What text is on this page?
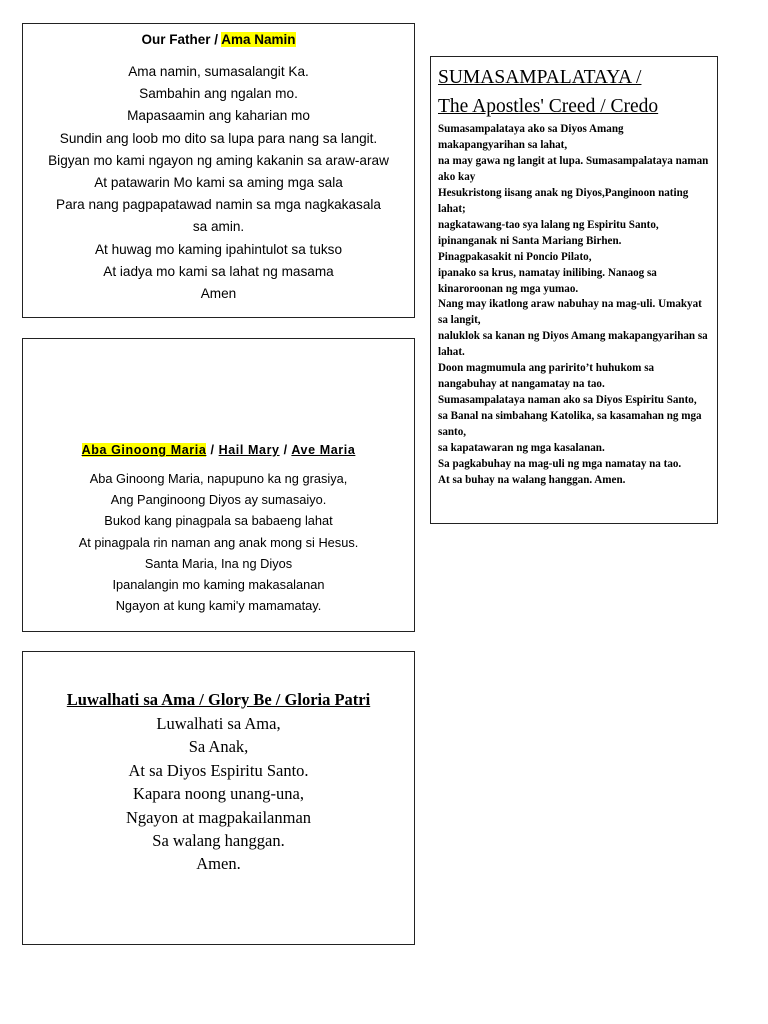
Our Father / Ama Namin
Ama namin, sumasalangit Ka.
Sambahin ang ngalan mo.
Mapasaamin ang kaharian mo
Sundin ang loob mo dito sa lupa para nang sa langit.
Bigyan mo kami ngayon ng aming kakanin sa araw-araw
At patawarin Mo kami sa aming mga sala
Para nang pagpapatawad namin sa mga nagkakasala sa amin.
At huwag mo kaming ipahintulot sa tukso
At iadya mo kami sa lahat ng masama
Amen
Aba Ginoong Maria / Hail Mary / Ave Maria
Aba Ginoong Maria, napupuno ka ng grasiya,
Ang Panginoong Diyos ay sumasaiyo.
Bukod kang pinagpala sa babaeng lahat
At pinagpala rin naman ang anak mong si Hesus.
Santa Maria, Ina ng Diyos
Ipanalangin mo kaming makasalanan
Ngayon at kung kami'y mamamatay.
Luwalhati sa Ama / Glory Be / Gloria Patri
Luwalhati sa Ama,
Sa Anak,
At sa Diyos Espiritu Santo.
Kapara noong unang-una,
Ngayon at magpakailanman
Sa walang hanggan.
Amen.
SUMASAMPALATAYA /
The Apostles' Creed / Credo
Sumasampalataya ako sa Diyos Amang makapangyarihan sa lahat,
na may gawa ng langit at lupa. Sumasampalataya naman ako kay
Hesukristong iisang anak ng Diyos,Panginoon nating lahat;
nagkatawang-tao sya lalang ng Espiritu Santo,
ipinanganak ni Santa Mariang Birhen.
Pinagpakasakit ni Poncio Pilato,
ipanako sa krus, namatay inilibing. Nanaog sa kinaroroonan ng mga yumao.
Nang may ikatlong araw nabuhay na mag-uli. Umakyat sa langit,
naluklok sa kanan ng Diyos Amang makapangyarihan sa lahat.
Doon magmumula ang paririto’t huhukom sa nangabuhay at nangamatay na tao.
Sumasampalataya naman ako sa Diyos Espiritu Santo,
sa Banal na simbahang Katolika, sa kasamahan ng mga santo,
sa kapatawaran ng mga kasalanan.
Sa pagkabuhay na mag-uli ng mga namatay na tao.
At sa buhay na walang hanggan. Amen.
